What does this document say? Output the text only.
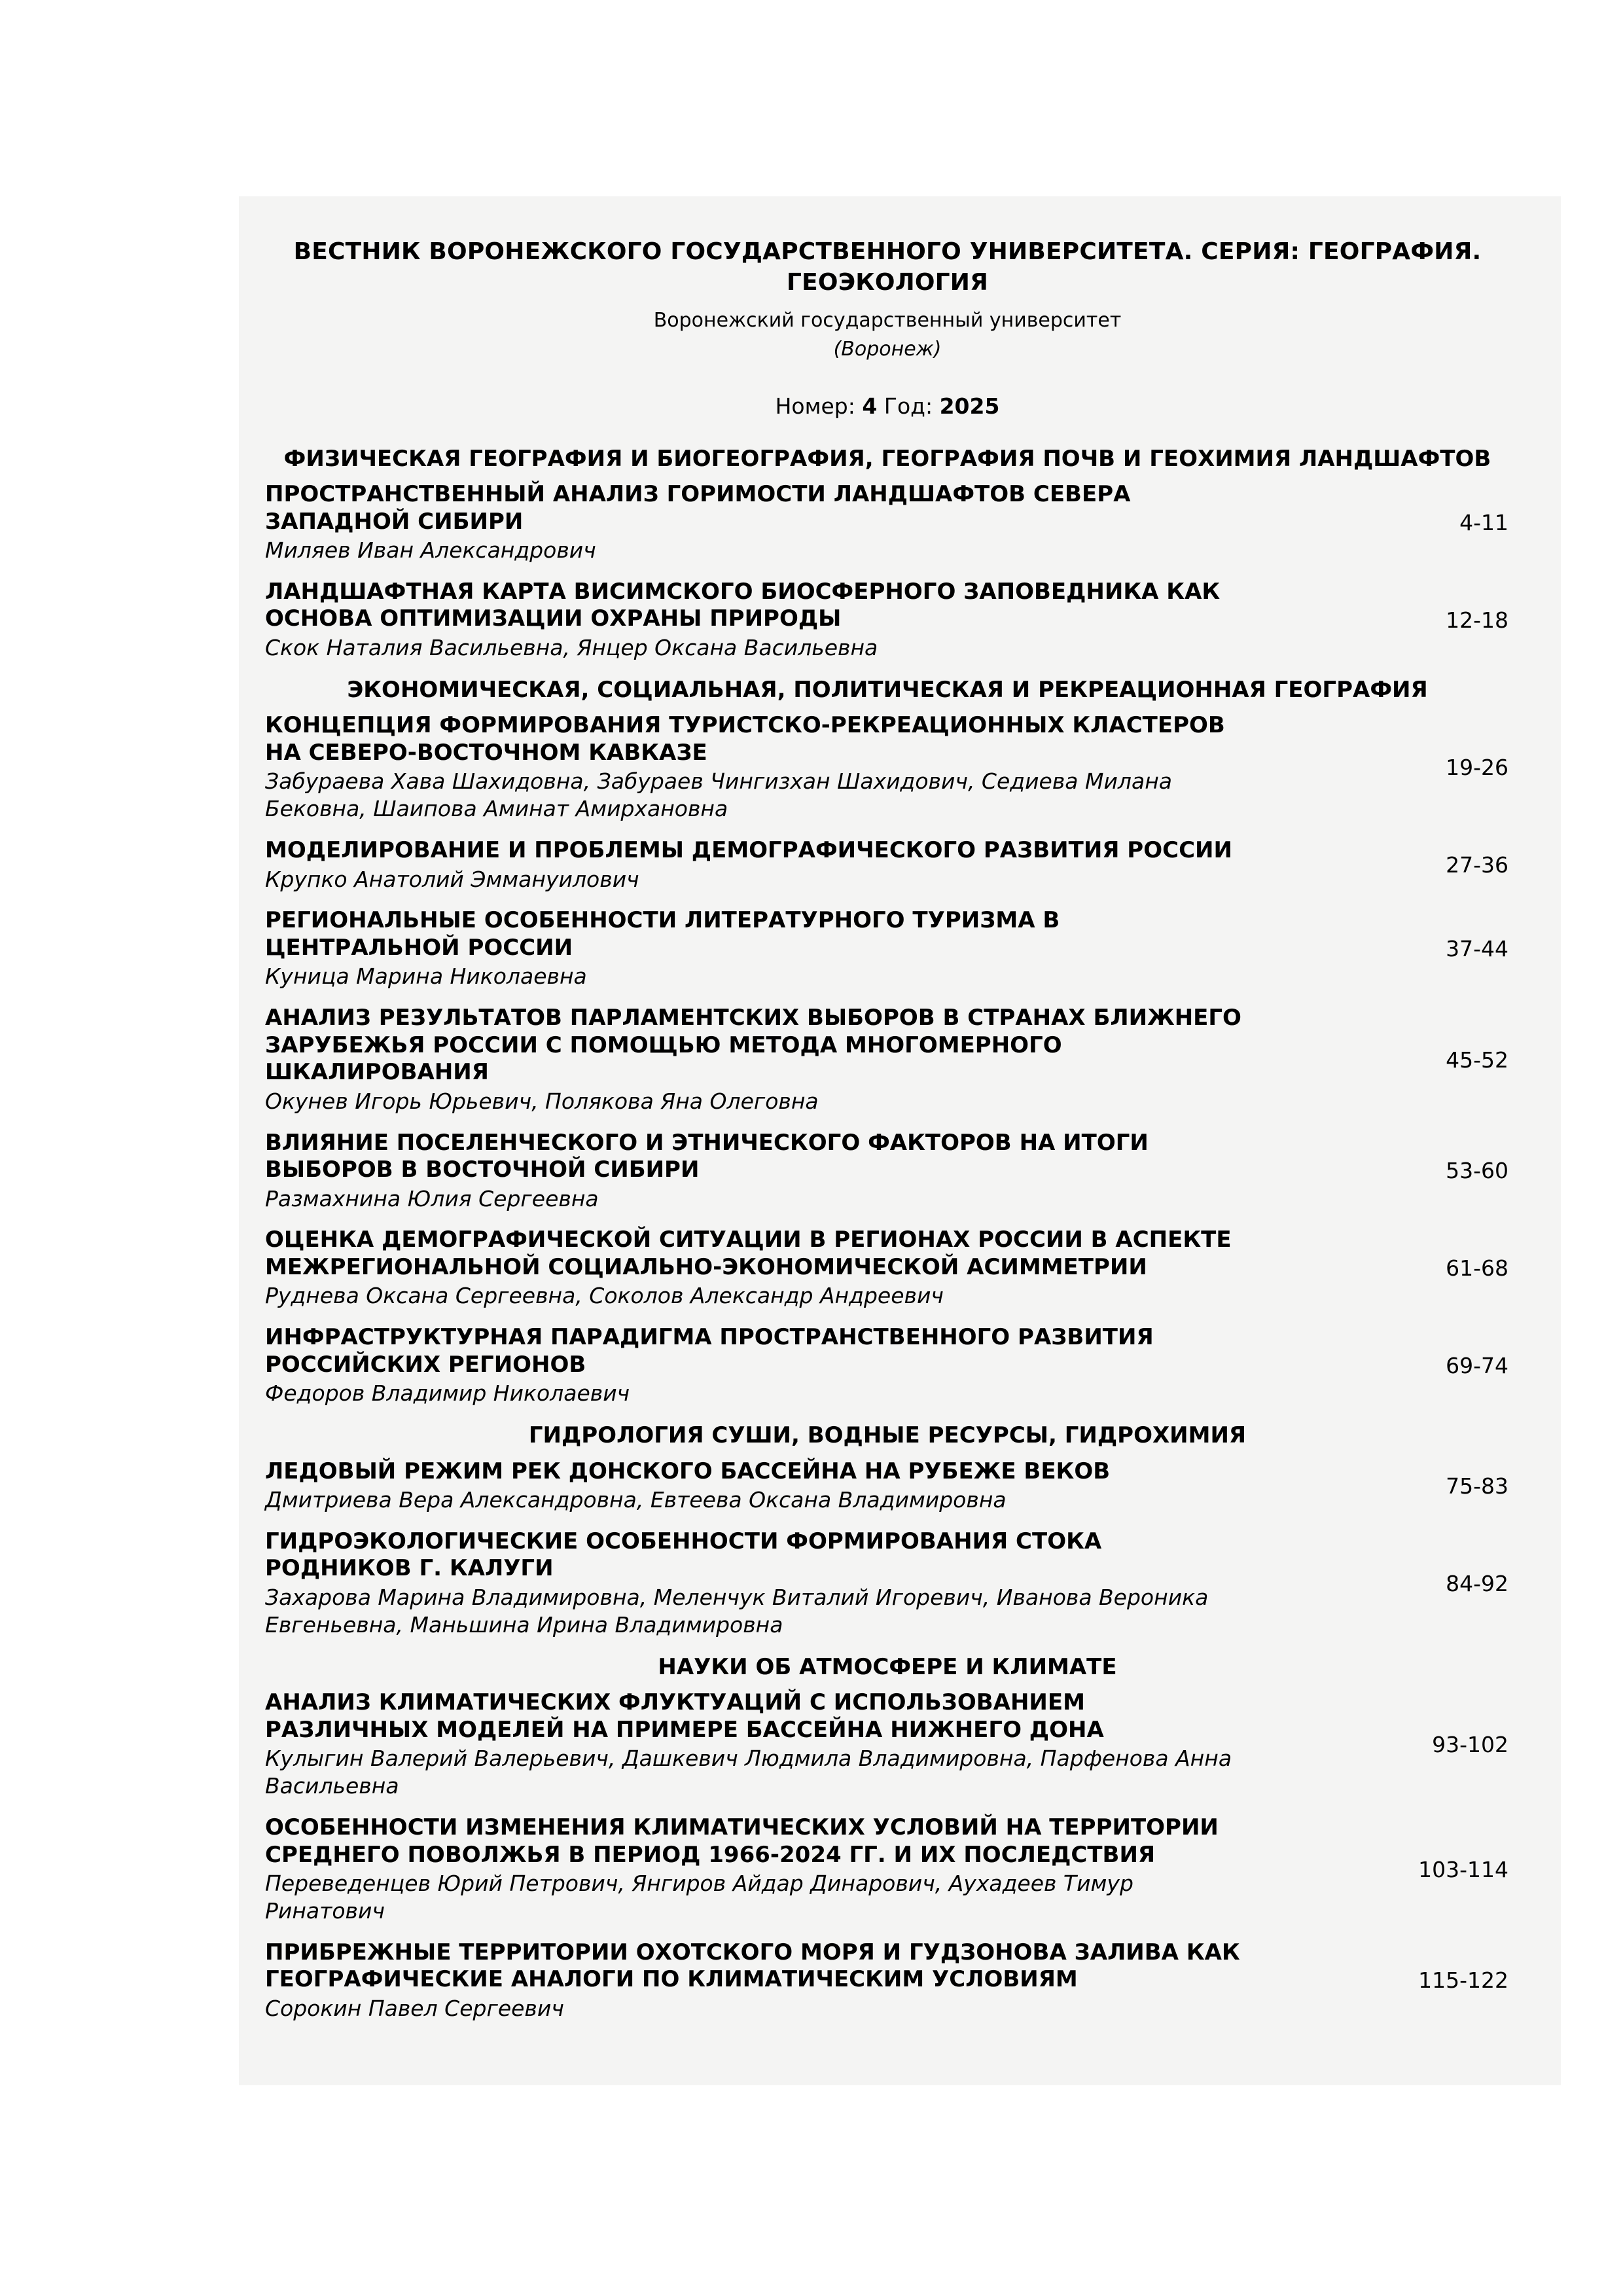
ВЕСТНИК ВОРОНЕЖСКОГО ГОСУДАРСТВЕННОГО УНИВЕРСИТЕТА. СЕРИЯ: ГЕОГРАФИЯ. ГЕОЭКОЛОГИЯ
Воронежский государственный университет
(Воронеж)
Номер: 4 Год: 2025
ФИЗИЧЕСКАЯ ГЕОГРАФИЯ И БИОГЕОГРАФИЯ, ГЕОГРАФИЯ ПОЧВ И ГЕОХИМИЯ ЛАНДШАФТОВ
ПРОСТРАНСТВЕННЫЙ АНАЛИЗ ГОРИМОСТИ ЛАНДШАФТОВ СЕВЕРА ЗАПАДНОЙ СИБИРИ
Миляев Иван Александрович
4-11
ЛАНДШАФТНАЯ КАРТА ВИСИМСКОГО БИОСФЕРНОГО ЗАПОВЕДНИКА КАК ОСНОВА ОПТИМИЗАЦИИ ОХРАНЫ ПРИРОДЫ
Скок Наталия Васильевна, Янцер Оксана Васильевна
12-18
ЭКОНОМИЧЕСКАЯ, СОЦИАЛЬНАЯ, ПОЛИТИЧЕСКАЯ И РЕКРЕАЦИОННАЯ ГЕОГРАФИЯ
КОНЦЕПЦИЯ ФОРМИРОВАНИЯ ТУРИСТСКО-РЕКРЕАЦИОННЫХ КЛАСТЕРОВ НА СЕВЕРО-ВОСТОЧНОМ КАВКАЗЕ
Забураева Хава Шахидовна, Забураев Чингизхан Шахидович, Седиева Милана Бековна, Шаипова Аминат Амирхановна
19-26
МОДЕЛИРОВАНИЕ И ПРОБЛЕМЫ ДЕМОГРАФИЧЕСКОГО РАЗВИТИЯ РОССИИ
Крупко Анатолий Эммануилович
27-36
РЕГИОНАЛЬНЫЕ ОСОБЕННОСТИ ЛИТЕРАТУРНОГО ТУРИЗМА В ЦЕНТРАЛЬНОЙ РОССИИ
Куница Марина Николаевна
37-44
АНАЛИЗ РЕЗУЛЬТАТОВ ПАРЛАМЕНТСКИХ ВЫБОРОВ В СТРАНАХ БЛИЖНЕГО ЗАРУБЕЖЬЯ РОССИИ С ПОМОЩЬЮ МЕТОДА МНОГОМЕРНОГО ШКАЛИРОВАНИЯ
Окунев Игорь Юрьевич, Полякова Яна Олеговна
45-52
ВЛИЯНИЕ ПОСЕЛЕНЧЕСКОГО И ЭТНИЧЕСКОГО ФАКТОРОВ НА ИТОГИ ВЫБОРОВ В ВОСТОЧНОЙ СИБИРИ
Размахнина Юлия Сергеевна
53-60
ОЦЕНКА ДЕМОГРАФИЧЕСКОЙ СИТУАЦИИ В РЕГИОНАХ РОССИИ В АСПЕКТЕ МЕЖРЕГИОНАЛЬНОЙ СОЦИАЛЬНО-ЭКОНОМИЧЕСКОЙ АСИММЕТРИИ
Руднева Оксана Сергеевна, Соколов Александр Андреевич
61-68
ИНФРАСТРУКТУРНАЯ ПАРАДИГМА ПРОСТРАНСТВЕННОГО РАЗВИТИЯ РОССИЙСКИХ РЕГИОНОВ
Федоров Владимир Николаевич
69-74
ГИДРОЛОГИЯ СУШИ, ВОДНЫЕ РЕСУРСЫ, ГИДРОХИМИЯ
ЛЕДОВЫЙ РЕЖИМ РЕК ДОНСКОГО БАССЕЙНА НА РУБЕЖЕ ВЕКОВ
Дмитриева Вера Александровна, Евтеева Оксана Владимировна
75-83
ГИДРОЭКОЛОГИЧЕСКИЕ ОСОБЕННОСТИ ФОРМИРОВАНИЯ СТОКА РОДНИКОВ Г. КАЛУГИ
Захарова Марина Владимировна, Меленчук Виталий Игоревич, Иванова Вероника Евгеньевна, Маньшина Ирина Владимировна
84-92
НАУКИ ОБ АТМОСФЕРЕ И КЛИМАТЕ
АНАЛИЗ КЛИМАТИЧЕСКИХ ФЛУКТУАЦИЙ С ИСПОЛЬЗОВАНИЕМ РАЗЛИЧНЫХ МОДЕЛЕЙ НА ПРИМЕРЕ БАССЕЙНА НИЖНЕГО ДОНА
Кулыгин Валерий Валерьевич, Дашкевич Людмила Владимировна, Парфенова Анна Васильевна
93-102
ОСОБЕННОСТИ ИЗМЕНЕНИЯ КЛИМАТИЧЕСКИХ УСЛОВИЙ НА ТЕРРИТОРИИ СРЕДНЕГО ПОВОЛЖЬЯ В ПЕРИОД 1966-2024 ГГ. И ИХ ПОСЛЕДСТВИЯ
Переведенцев Юрий Петрович, Янгиров Айдар Динарович, Аухадеев Тимур Ринатович
103-114
ПРИБРЕЖНЫЕ ТЕРРИТОРИИ ОХОТСКОГО МОРЯ И ГУДЗОНОВА ЗАЛИВА КАК ГЕОГРАФИЧЕСКИЕ АНАЛОГИ ПО КЛИМАТИЧЕСКИМ УСЛОВИЯМ
Сорокин Павел Сергеевич
115-122
